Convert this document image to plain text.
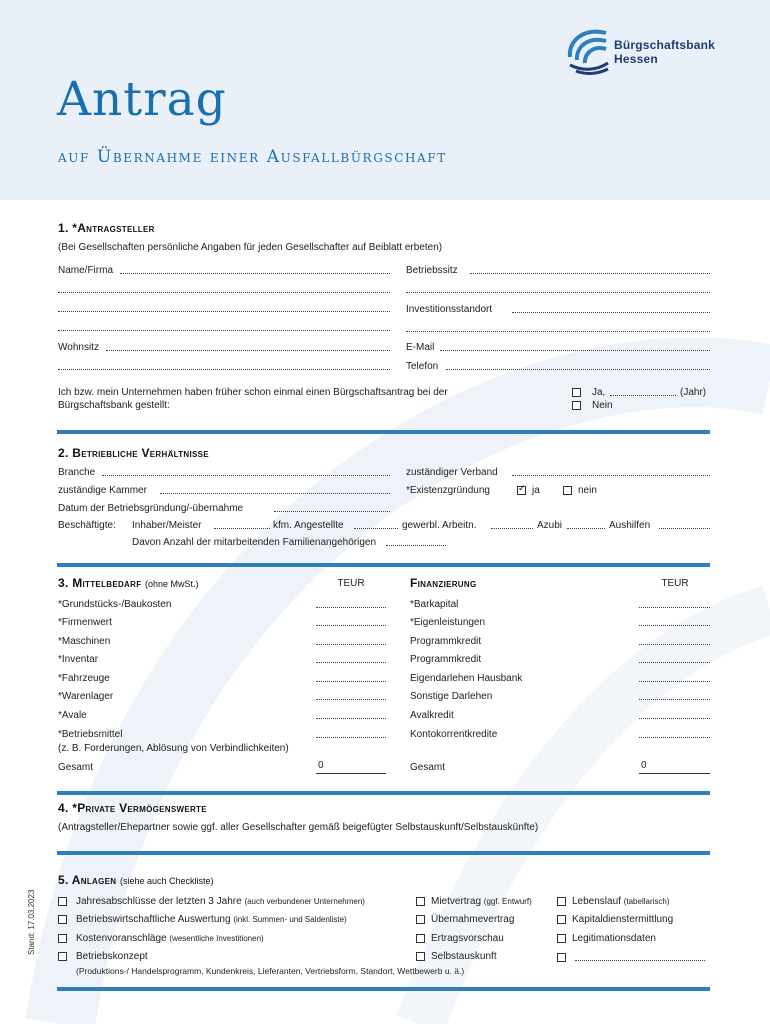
Bürgschaftsbank
Hessen
Antrag
auf Übernahme einer Ausfallbürgschaft
1. *Antragsteller
(Bei Gesellschaften persönliche Angaben für jeden Gesellschafter auf Beiblatt erbeten)
Name/Firma	Betriebssitz
Investitionsstandort
Wohnsitz	E-Mail
Telefon
Ich bzw. mein Unternehmen haben früher schon einmal einen Bürgschaftsantrag bei der
Bürgschaftsbank gestellt:
Ja,	(Jahr)
Nein
2. Betriebliche Verhältnisse
Branche	zuständiger Verband
zuständige Kammer	*Existenzgründung
✓	ja	nein
Datum der Betriebsgründung/-übernahme
Beschäftigte: Inhaber/Meister	kfm. Angestellte	gewerbl. Arbeitn.	Azubi	Aushilfen
Davon Anzahl der mitarbeitenden Familienangehörigen
3. Mittelbedarf (ohne MwSt.)	TEUR	Finanzierung	TEUR
*Grundstücks-/Baukosten
*Firmenwert
*Maschinen
*Inventar
*Fahrzeuge
*Warenlager
*Avale
*Betriebsmittel
*Barkapital
*Eigenleistungen
Programmkredit
Programmkredit
Eigendarlehen Hausbank
Sonstige Darlehen
Avalkredit
Kontokorrentkredite
(z. B. Forderungen, Ablösung von Verbindlichkeiten)
Gesamt	0	Gesamt	0
4. *Private Vermögenswerte
(Antragsteller/Ehepartner sowie ggf. aller Gesellschafter gemäß beigefügter Selbstauskunft/Selbstauskünfte)
5. Anlagen (siehe auch Checkliste)
Jahresabschlüsse der letzten 3 Jahre (auch verbundener Unternehmen)
Betriebswirtschaftliche Auswertung (inkl. Summen- und Saldenliste)
Kostenvoranschläge (wesentliche Investitionen)
Betriebskonzept
Mietvertrag (ggf. Entwurf)
Übernahmevertrag
Ertragsvorschau
Selbstauskunft
Lebenslauf (tabellarisch)
Kapitaldienstermittlung
Legitimationsdaten
(Produktions-/ Handelsprogramm, Kundenkreis, Lieferanten, Vertriebsform, Standort, Wettbewerb u. ä.)
Stand: 17.03.2023
